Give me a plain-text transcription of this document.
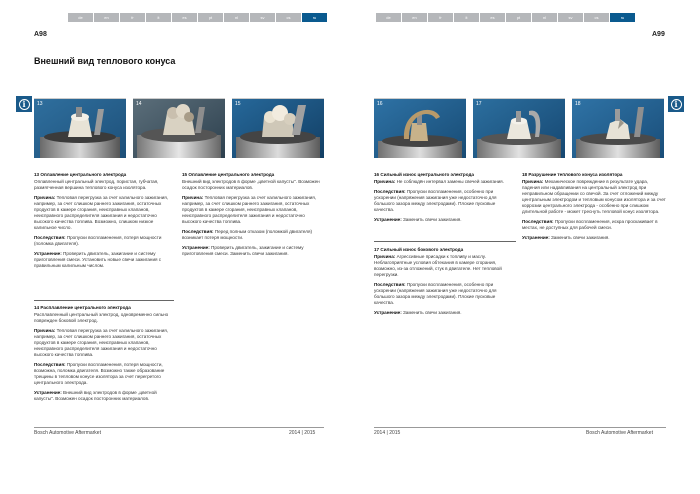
de	en	fr	it	es	pt	nl	sv	cs	ru
A98
Внешний вид теплового конуса
i	13	14	15
13 Оплавление центрального электрода

Оплавленный центральный электрод, пористая, губчатая, размягченная вершина теплового конуса изолятора.

Причина: Тепловая перегрузка за счет калильного зажигания, например, за счет слишком раннего зажигания, остаточных продуктов в камере сгорания, неисправных клапанов, неисправного распределителя зажигания и недостаточно высокого качества топлива. Возможно, слишком низкое калильное число.

Последствия: Пропуски воспламенения, потеря мощности (поломка двигателя).

Устранение: Проверить двигатель, зажигание и систему приготовления смеси. Установить новые свечи зажигания с правильным калильным числом.

14 Расплавление центрального электрода

Расплавленный центральный электрод, одновременно сильно поврежден боковой электрод.

Причина: Тепловая перегрузка за счет калильного зажигания, например, за счет слишком раннего зажигания, остаточных продуктов в камере сгорания, неисправных клапанов, неисправного распределителя зажигания и недостаточно высокого качества топлива.

Последствия: Пропуски воспламенения, потеря мощности, возможна, поломка двигателя. Возможно также образование трещины в тепловом конусе изолятора за счет перегретого центрального электрода.

Устранение: Внешний вид электродов в форме „цветной капусты". Возможен осадок посторонних материалов.

15 Оплавление центрального электрода

Внешний вид электродов в форме „цветной капусты". Возможен осадок посторонних материалов.

Причина: Тепловая перегрузка за счет калильного зажигания, например, за счет слишком раннего зажигания, остаточных продуктов в камере сгорания, неисправных клапанов, неисправного распределителя зажигания и недостаточно высокого качества топлива.

Последствия: Перед полным отказом (поломкой двигателя) возникает потеря мощности.

Устранение: Проверить двигатель, зажигание и систему приготовления смеси. Заменить свечи зажигания.

Bosch Automotive Aftermarket	2014 | 2015
de	en	fr	it	es	pt	nl	sv	cs	ru
A99
i
16	17	18
16 Сильный износ центрального электрода

Причина: Не соблюдён интервал замены свечей зажигания.

Последствия: Пропуски воспламенения, особенно при ускорении (напряжения зажигания уже недостаточно для большого зазора между электродами). Плохие пусковые качества.

Устранение: Заменить свечи зажигания.

17 Сильный износ бокового электрода

Причина: Агрессивные присадки к топливу и маслу. Неблагоприятные условия обтекания в камере сгорания, возможно, из-за отложений, стук в двигателе. Нет тепловой перегрузки.

Последствия: Пропуски воспламенения, особенно при ускорении (напряжения зажигания уже недостаточно для большого зазора между электродами). Плохие пусковые качества.

Устранение: Заменить свечи зажигания.

18 Разрушение теплового конуса изолятора

Причина: Механическое повреждение в результате удара, падения или надавливания на центральный электрод при неправильном обращении со свечой. За счет отложений между центральным электродом и тепловым конусом изолятора и за счет коррозии центрального электрода - особенно при слишком длительной работе - может треснуть тепловой конус изолятора.

Последствия: Пропуски воспламенения, искра проскакивает в местах, не доступных для рабочей смеси.

Устранение: Заменить свечи зажигания.

2014 | 2015	Bosch Automotive Aftermarket
